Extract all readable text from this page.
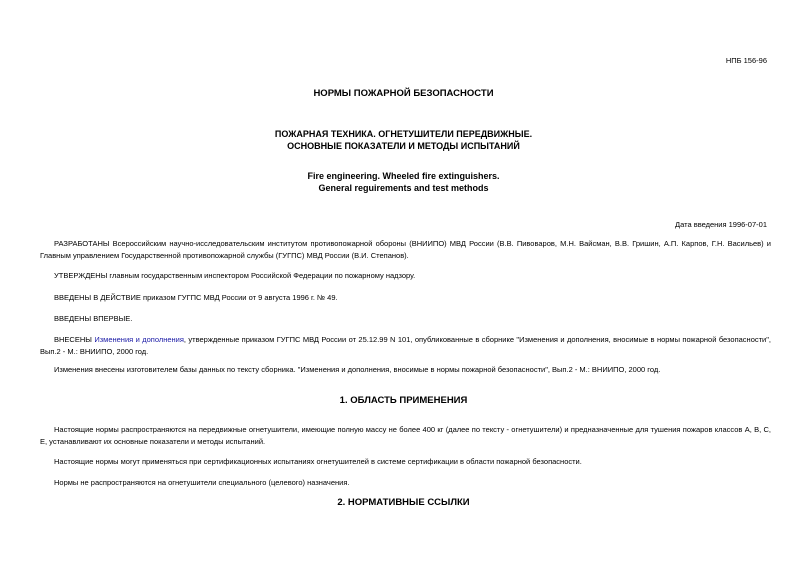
НПБ 156-96
НОРМЫ ПОЖАРНОЙ БЕЗОПАСНОСТИ
ПОЖАРНАЯ ТЕХНИКА. ОГНЕТУШИТЕЛИ ПЕРЕДВИЖНЫЕ.
ОСНОВНЫЕ ПОКАЗАТЕЛИ И МЕТОДЫ ИСПЫТАНИЙ
Fire engineering. Wheeled fire extinguishers.
General reguirements and test methods
Дата введения 1996-07-01
РАЗРАБОТАНЫ Всероссийским научно-исследовательским институтом противопожарной обороны (ВНИИПО) МВД России (В.В. Пивоваров, М.Н. Вайсман, В.В. Гришин, А.П. Карпов, Г.Н. Васильев) и Главным управлением Государственной противопожарной службы (ГУГПС) МВД России (В.И. Степанов).
УТВЕРЖДЕНЫ главным государственным инспектором Российской Федерации по пожарному надзору.
ВВЕДЕНЫ В ДЕЙСТВИЕ приказом ГУГПС МВД России от 9 августа 1996 г. № 49.
ВВЕДЕНЫ ВПЕРВЫЕ.
ВНЕСЕНЫ Изменения и дополнения, утвержденные приказом ГУГПС МВД России от 25.12.99 N 101, опубликованные в сборнике "Изменения и дополнения, вносимые в нормы пожарной безопасности", Вып.2 - М.: ВНИИПО, 2000 год.
Изменения внесены изготовителем базы данных по тексту сборника. "Изменения и дополнения, вносимые в нормы пожарной безопасности", Вып.2 - М.: ВНИИПО, 2000 год.
1. ОБЛАСТЬ ПРИМЕНЕНИЯ
Настоящие нормы распространяются на передвижные огнетушители, имеющие полную массу не более 400 кг (далее по тексту - огнетушители) и предназначенные для тушения пожаров классов А, В, С, Е, устанавливают их основные показатели и методы испытаний.
Настоящие нормы могут применяться при сертификационных испытаниях огнетушителей в системе сертификации в области пожарной безопасности.
Нормы не распространяются на огнетушители специального (целевого) назначения.
2. НОРМАТИВНЫЕ ССЫЛКИ
